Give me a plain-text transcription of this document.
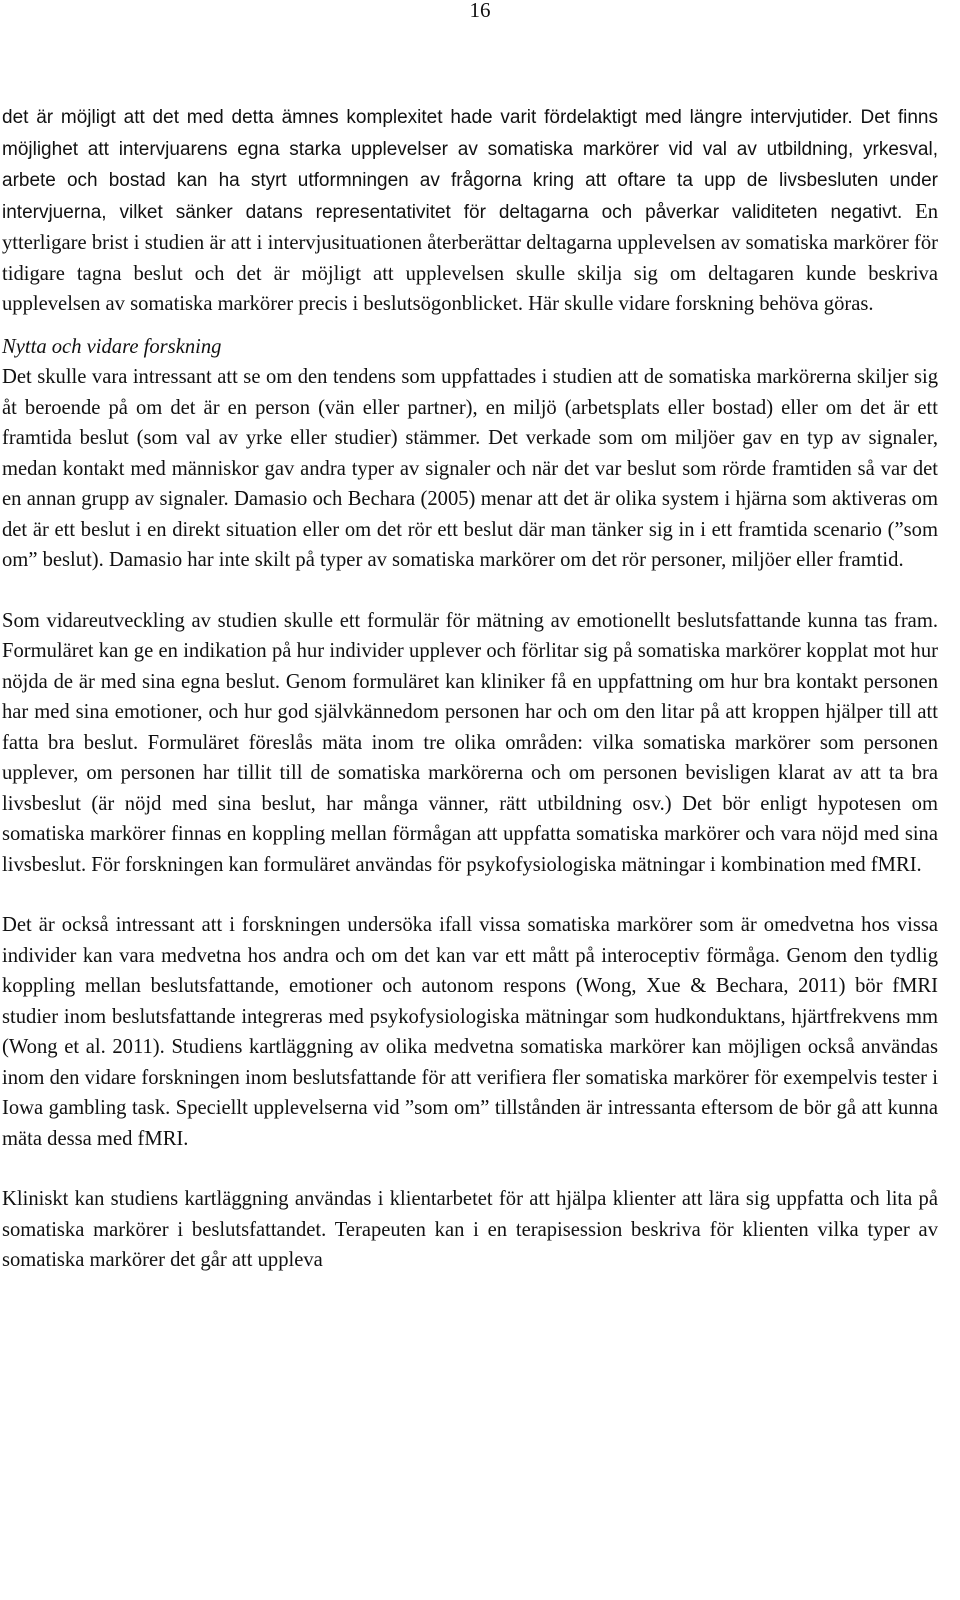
16

det är möjligt att det med detta ämnes komplexitet hade varit fördelaktigt med längre intervjutider. Det finns möjlighet att intervjuarens egna starka upplevelser av somatiska markörer vid val av utbildning, yrkesval, arbete och bostad kan ha styrt utformningen av frågorna kring att oftare ta upp de livsbesluten under intervjuerna, vilket sänker datans representativitet för deltagarna och påverkar validiteten negativt. En ytterligare brist i studien är att i intervjusituationen återberättar deltagarna upplevelsen av somatiska markörer för tidigare tagna beslut och det är möjligt att upplevelsen skulle skilja sig om deltagaren kunde beskriva upplevelsen av somatiska markörer precis i beslutsögonblicket. Här skulle vidare forskning behöva göras.

Nytta och vidare forskning

Det skulle vara intressant att se om den tendens som uppfattades i studien att de somatiska markörerna skiljer sig åt beroende på om det är en person (vän eller partner), en miljö (arbetsplats eller bostad) eller om det är ett framtida beslut (som val av yrke eller studier) stämmer. Det verkade som om miljöer gav en typ av signaler, medan kontakt med människor gav andra typer av signaler och när det var beslut som rörde framtiden så var det en annan grupp av signaler. Damasio och Bechara (2005) menar att det är olika system i hjärna som aktiveras om det är ett beslut i en direkt situation eller om det rör ett beslut där man tänker sig in i ett framtida scenario (”som om” beslut). Damasio har inte skilt på typer av somatiska markörer om det rör personer, miljöer eller framtid.

Som vidareutveckling av studien skulle ett formulär för mätning av emotionellt beslutsfattande kunna tas fram. Formuläret kan ge en indikation på hur individer upplever och förlitar sig på somatiska markörer kopplat mot hur nöjda de är med sina egna beslut. Genom formuläret kan kliniker få en uppfattning om hur bra kontakt personen har med sina emotioner, och hur god självkännedom personen har och om den litar på att kroppen hjälper till att fatta bra beslut. Formuläret föreslås mäta inom tre olika områden: vilka somatiska markörer som personen upplever, om personen har tillit till de somatiska markörerna och om personen bevisligen klarat av att ta bra livsbeslut (är nöjd med sina beslut, har många vänner, rätt utbildning osv.) Det bör enligt hypotesen om somatiska markörer finnas en koppling mellan förmågan att uppfatta somatiska markörer och vara nöjd med sina livsbeslut. För forskningen kan formuläret användas för psykofysiologiska mätningar i kombination med fMRI.

Det är också intressant att i forskningen undersöka ifall vissa somatiska markörer som är omedvetna hos vissa individer kan vara medvetna hos andra och om det kan var ett mått på interoceptiv förmåga. Genom den tydlig koppling mellan beslutsfattande, emotioner och autonom respons (Wong, Xue & Bechara, 2011) bör fMRI studier inom beslutsfattande integreras med psykofysiologiska mätningar som hudkonduktans, hjärtfrekvens mm (Wong et al. 2011). Studiens kartläggning av olika medvetna somatiska markörer kan möjligen också användas inom den vidare forskningen inom beslutsfattande för att verifiera fler somatiska markörer för exempelvis tester i Iowa gambling task. Speciellt upplevelserna vid ”som om” tillstånden är intressanta eftersom de bör gå att kunna mäta dessa med fMRI.

Kliniskt kan studiens kartläggning användas i klientarbetet för att hjälpa klienter att lära sig uppfatta och lita på somatiska markörer i beslutsfattandet. Terapeuten kan i en terapisession beskriva för klienten vilka typer av somatiska markörer det går att uppleva
